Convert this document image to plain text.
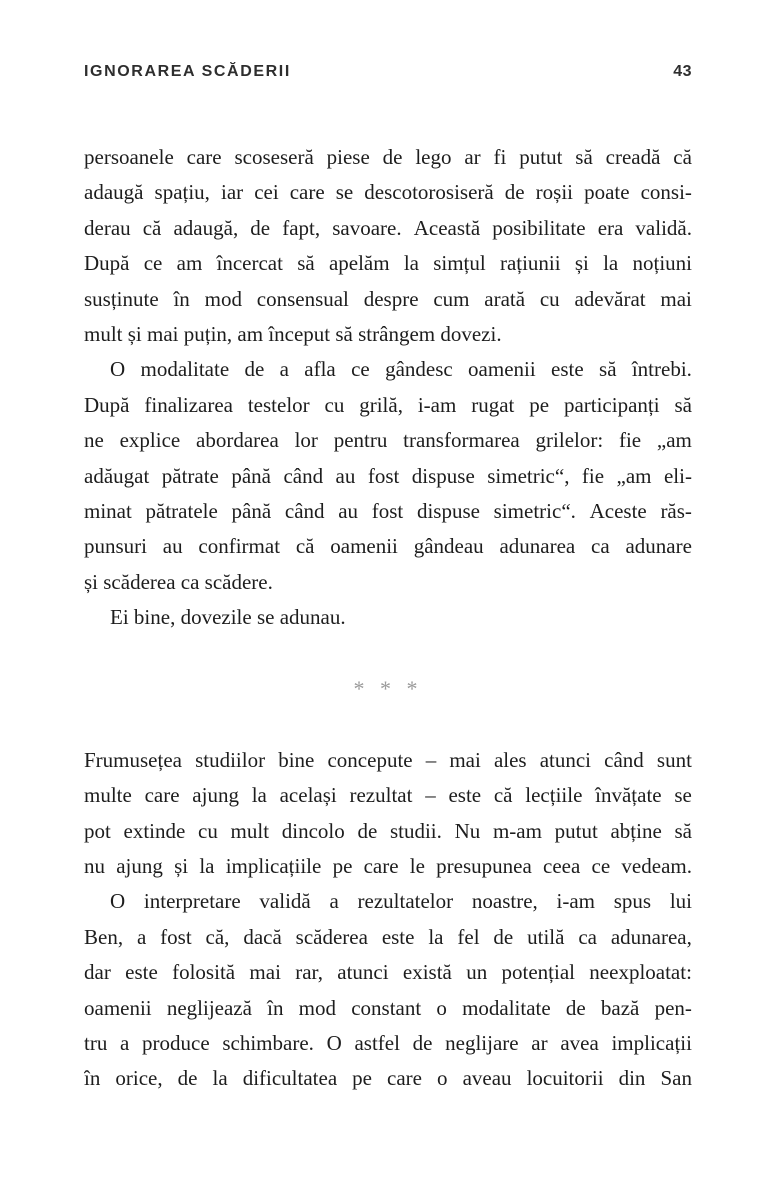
IGNORAREA SCĂDERII	43
persoanele care scoseseră piese de lego ar fi putut să creadă că
adaugă spațiu, iar cei care se descotorosiseră de roșii poate consi-
derau că adaugă, de fapt, savoare. Această posibilitate era validă.
După ce am încercat să apelăm la simțul rațiunii și la noțiuni
susținute în mod consensual despre cum arată cu adevărat mai
mult și mai puțin, am început să strângem dovezi.
O modalitate de a afla ce gândesc oamenii este să întrebi.
După finalizarea testelor cu grilă, i-am rugat pe participanți să
ne explice abordarea lor pentru transformarea grilelor: fie „am
adăugat pătrate până când au fost dispuse simetric“, fie „am eli-
minat pătratele până când au fost dispuse simetric“. Aceste răs-
punsuri au confirmat că oamenii gândeau adunarea ca adunare
și scăderea ca scădere.
Ei bine, dovezile se adunau.
* * *
Frumusețea studiilor bine concepute – mai ales atunci când sunt
multe care ajung la același rezultat – este că lecțiile învățate se
pot extinde cu mult dincolo de studii. Nu m-am putut abține să
nu ajung și la implicațiile pe care le presupunea ceea ce vedeam.
O interpretare validă a rezultatelor noastre, i-am spus lui
Ben, a fost că, dacă scăderea este la fel de utilă ca adunarea,
dar este folosită mai rar, atunci există un potențial neexploatat:
oamenii neglijează în mod constant o modalitate de bază pen-
tru a produce schimbare. O astfel de neglijare ar avea implicații
în orice, de la dificultatea pe care o aveau locuitorii din San
